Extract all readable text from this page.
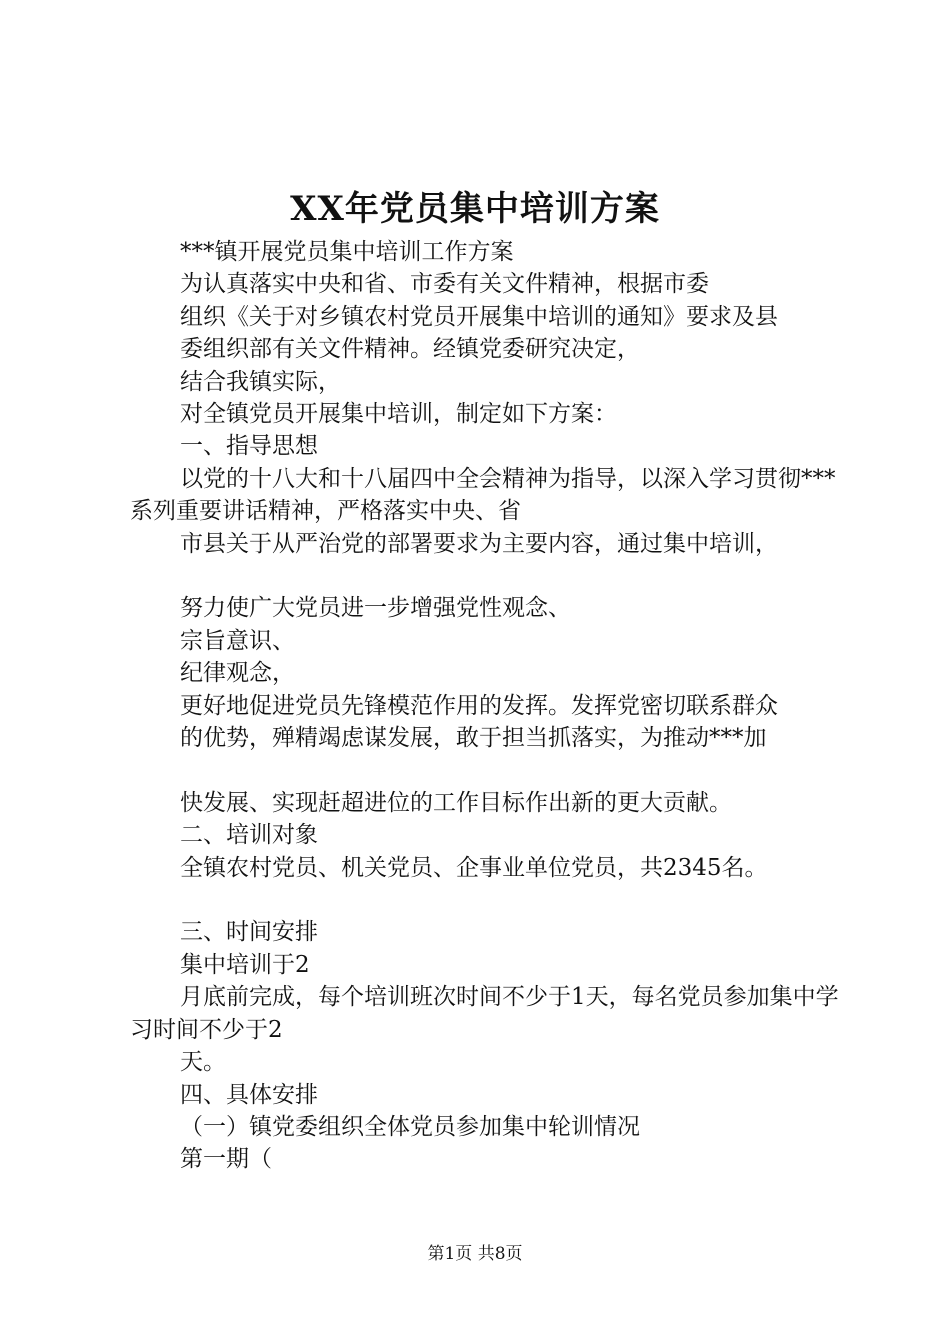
XX年党员集中培训方案

***镇开展党员集中培训工作方案

为认真落实中央和省、市委有关文件精神，根据市委

组织《关于对乡镇农村党员开展集中培训的通知》要求及县

委组织部有关文件精神。经镇党委研究决定，

结合我镇实际，

对全镇党员开展集中培训，制定如下方案：

一、指导思想

以党的十八大和十八届四中全会精神为指导，以深入学习贯彻***系列重要讲话精神，严格落实中央、省

市县关于从严治党的部署要求为主要内容，通过集中培训，

努力使广大党员进一步增强党性观念、

宗旨意识、

纪律观念，

更好地促进党员先锋模范作用的发挥。发挥党密切联系群众

的优势，殚精竭虑谋发展，敢于担当抓落实，为推动***加

快发展、实现赶超进位的工作目标作出新的更大贡献。

二、培训对象

全镇农村党员、机关党员、企事业单位党员，共2345名。

三、时间安排

集中培训于2

月底前完成，每个培训班次时间不少于1天，每名党员参加集中学习时间不少于2

天。

四、具体安排

（一）镇党委组织全体党员参加集中轮训情况

第一期（

第1页 共8页
